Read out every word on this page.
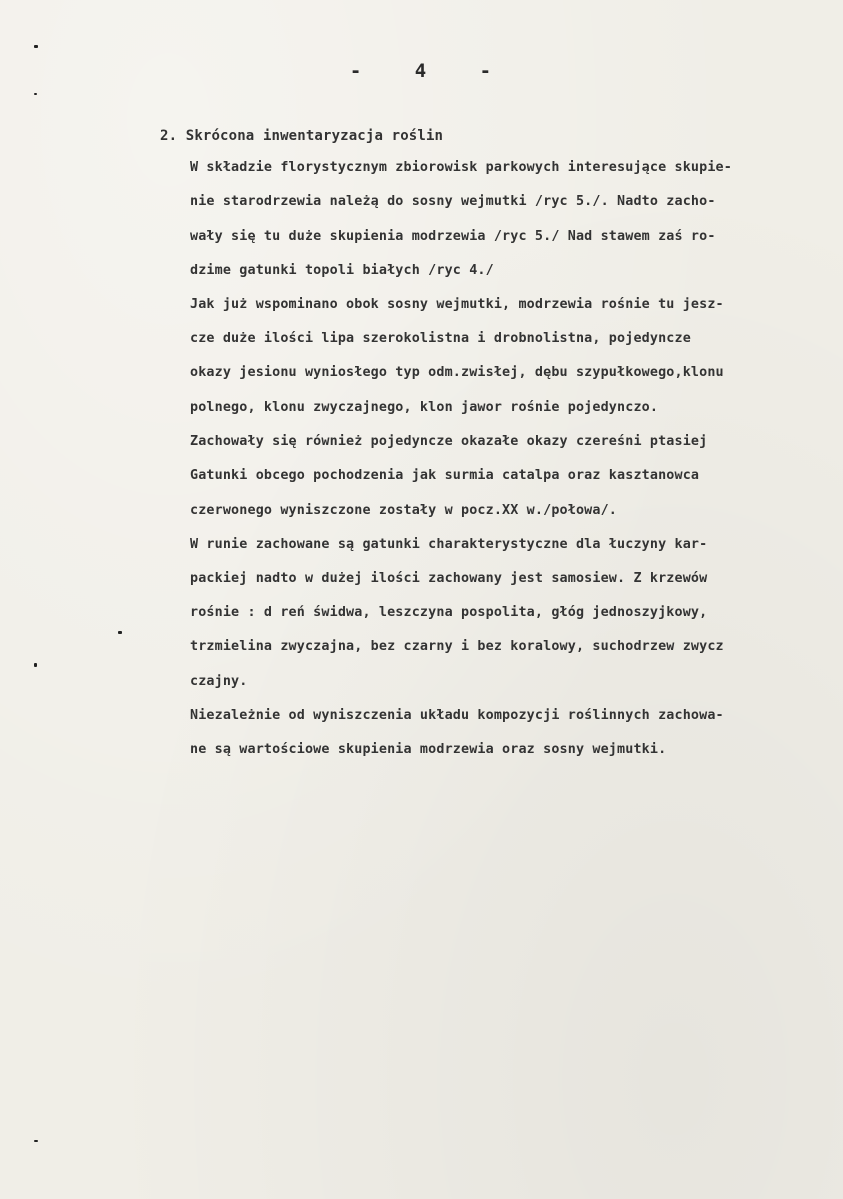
- 4 -
2. Skrócona inwentaryzacja roślin
W składzie florystycznym zbiorowisk parkowych interesujące skupie-
nie starodrzewia należą do sosny wejmutki /ryc 5./. Nadto zacho-
wały się tu duże skupienia modrzewia /ryc 5./ Nad stawem zaś ro-
dzime gatunki topoli białych /ryc 4./
Jak już wspominano obok sosny wejmutki, modrzewia rośnie tu jesz-
cze duże ilości lipa szerokolistna i drobnolistna, pojedyncze
okazy jesionu wyniosłego typ odm.zwisłej, dębu szypułkowego,klonu
polnego, klonu zwyczajnego, klon jawor rośnie pojedynczo.
Zachowały się również pojedyncze okazałe okazy czereśni ptasiej
Gatunki obcego pochodzenia jak surmia catalpa oraz kasztanowca
czerwonego wyniszczone zostały w pocz.XX w./połowa/.
W runie zachowane są gatunki charakterystyczne dla łuczyny kar-
packiej nadto w dużej ilości zachowany jest samosiew. Z krzewów
rośnie : d reń świdwa, leszczyna pospolita, głóg jednoszyjkowy,
trzmielina zwyczajna, bez czarny i bez koralowy, suchodrzew zwycz
czajny.
Niezależnie od wyniszczenia układu kompozycji roślinnych zachowa-
ne są wartościowe skupienia modrzewia oraz sosny wejmutki.
